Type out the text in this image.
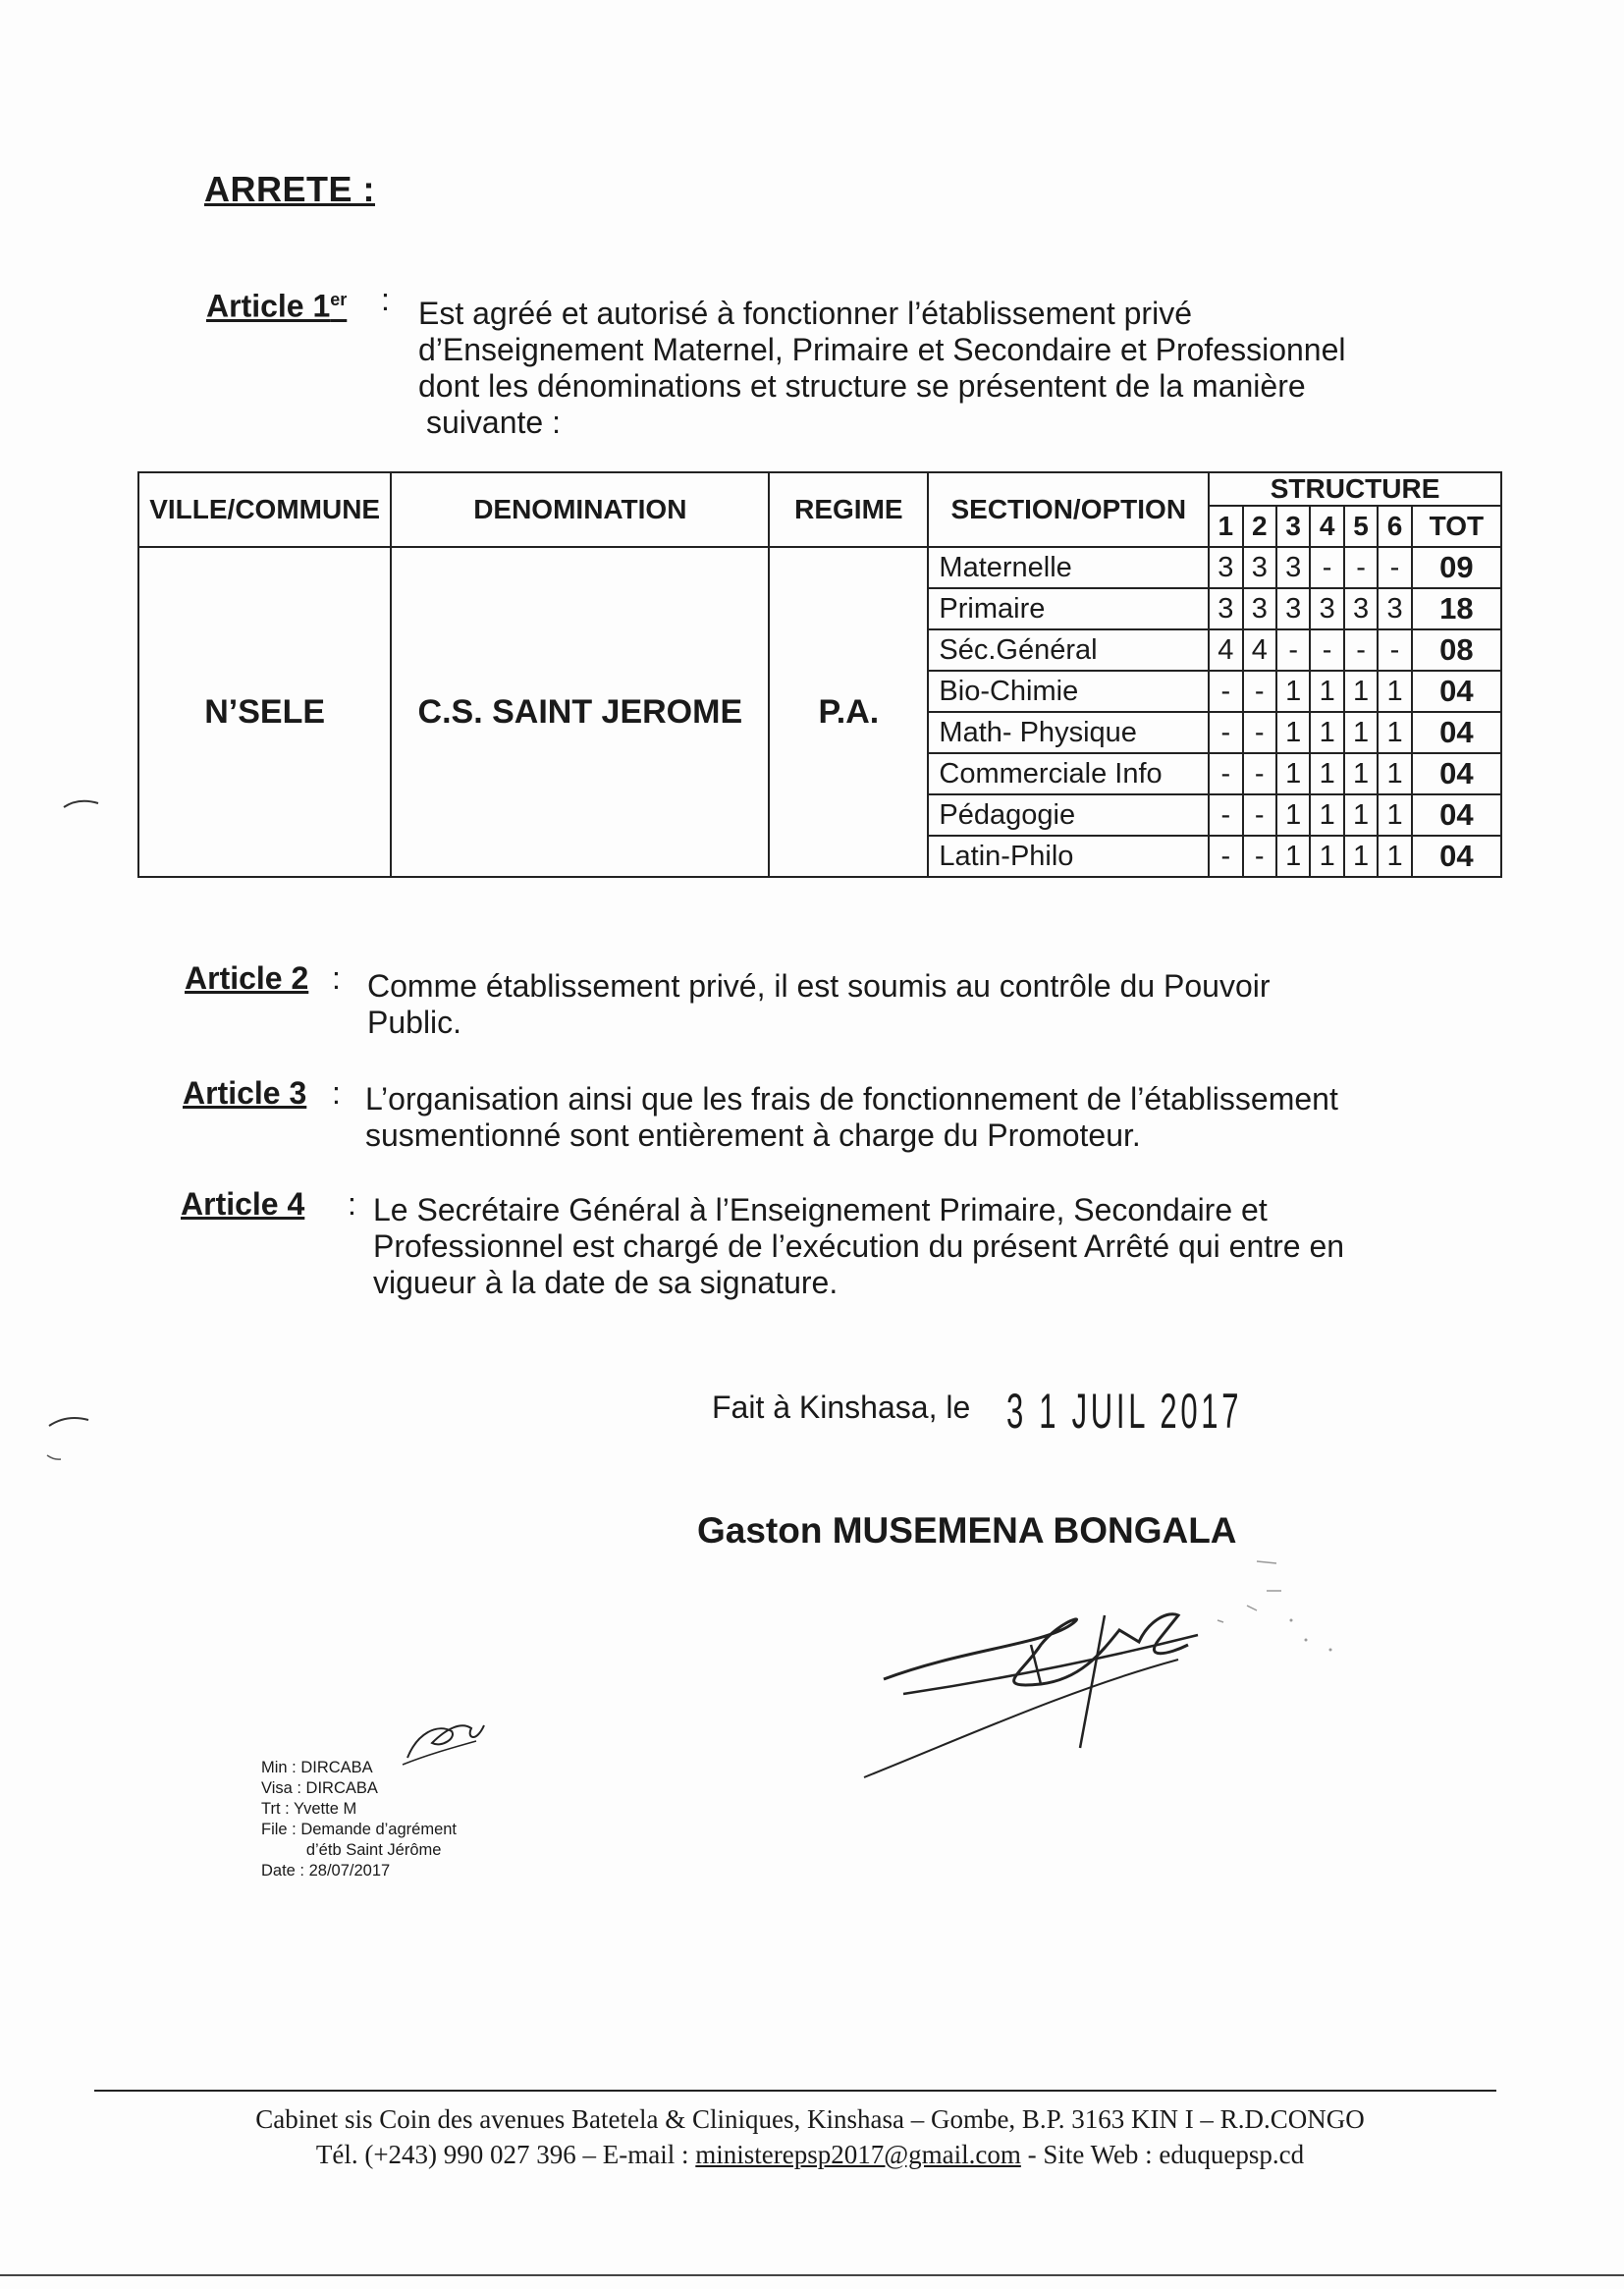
ARRETE :
Article 1er : Est agréé et autorisé à fonctionner l’établissement privé

d’Enseignement Maternel, Primaire et Secondaire et Professionnel

dont les dénominations et structure se présentent de la manière

suivante :

VILLE/COMMUNE	DENOMINATION	REGIME	SECTION/OPTION	STRUCTURE						
				1	2	3	4	5	6	TOT
N’SELE	C.S. SAINT JEROME	P.A.	Maternelle	3	3	3	-	-	-	09
			Primaire	3	3	3	3	3	3	18
			Séc.Général	4	4	-	-	-	-	08
			Bio-Chimie	-	-	1	1	1	1	04
			Math- Physique	-	-	1	1	1	1	04
			Commerciale Info	-	-	1	1	1	1	04
			Pédagogie	-	-	1	1	1	1	04
			Latin-Philo	-	-	1	1	1	1	04
Article 2 : Comme établissement privé, il est soumis au contrôle du Pouvoir

Public.

Article 3 : L’organisation ainsi que les frais de fonctionnement de l’établissement

susmentionné sont entièrement à charge du Promoteur.

Article 4 : Le Secrétaire Général à l’Enseignement Primaire, Secondaire et

Professionnel est chargé de l’exécution du présent Arrêté qui entre en

vigueur à la date de sa signature.

Fait à Kinshasa, le 3 1 JUIL 2017
Gaston MUSEMENA BONGALA
Min : DIRCABA
Visa : DIRCABA
Trt : Yvette M
File : Demande d’agrément
d’étb Saint Jérôme
Date : 28/07/2017
Cabinet sis Coin des avenues Batetela & Cliniques, Kinshasa – Gombe, B.P. 3163 KIN I – R.D.CONGO
Tél. (+243) 990 027 396 – E-mail : ministerepsp2017@gmail.com - Site Web : eduquepsp.cd
